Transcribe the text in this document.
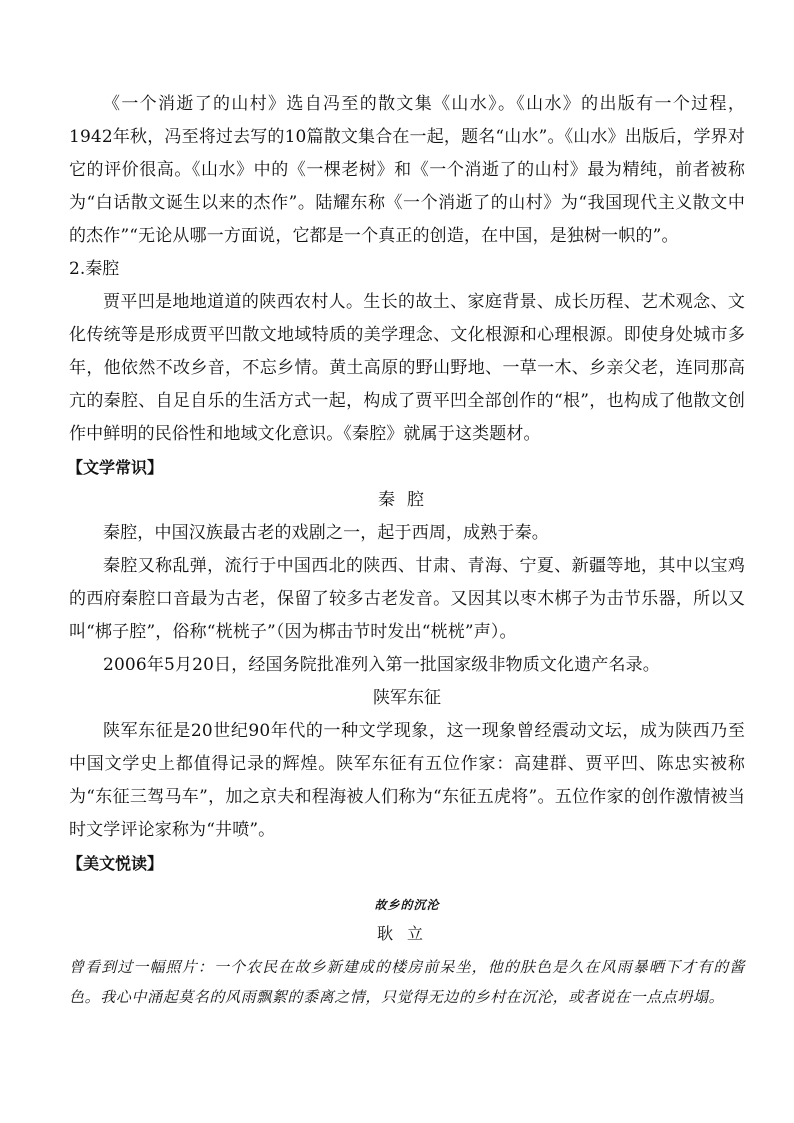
《一个消逝了的山村》选自冯至的散文集《山水》。《山水》的出版有一个过程，1942年秋，冯至将过去写的10篇散文集合在一起，题名“山水”。《山水》出版后，学界对它的评价很高。《山水》中的《一棵老树》和《一个消逝了的山村》最为精纯，前者被称为“白话散文诞生以来的杰作”。陆耀东称《一个消逝了的山村》为“我国现代主义散文中的杰作”“无论从哪一方面说，它都是一个真正的创造，在中国，是独树一帜的”。

2.秦腔

贾平凹是地地道道的陕西农村人。生长的故土、家庭背景、成长历程、艺术观念、文化传统等是形成贾平凹散文地域特质的美学理念、文化根源和心理根源。即使身处城市多年，他依然不改乡音，不忘乡情。黄土高原的野山野地、一草一木、乡亲父老，连同那高亢的秦腔、自足自乐的生活方式一起，构成了贾平凹全部创作的“根”，也构成了他散文创作中鲜明的民俗性和地域文化意识。《秦腔》就属于这类题材。

【文学常识】

秦腔

秦腔，中国汉族最古老的戏剧之一，起于西周，成熟于秦。

秦腔又称乱弹，流行于中国西北的陕西、甘肃、青海、宁夏、新疆等地，其中以宝鸡的西府秦腔口音最为古老，保留了较多古老发音。又因其以枣木梆子为击节乐器，所以又叫“梆子腔”，俗称“桄桄子”（因为梆击节时发出“桄桄”声）。

2006年5月20日，经国务院批准列入第一批国家级非物质文化遗产名录。

陕军东征

陕军东征是20世纪90年代的一种文学现象，这一现象曾经震动文坛，成为陕西乃至中国文学史上都值得记录的辉煌。陕军东征有五位作家：高建群、贾平凹、陈忠实被称为“东征三驾马车”，加之京夫和程海被人们称为“东征五虎将”。五位作家的创作激情被当时文学评论家称为“井喷”。

【美文悦读】

故乡的沉沦

耿立

曾看到过一幅照片：一个农民在故乡新建成的楼房前呆坐，他的肤色是久在风雨暴晒下才有的酱色。我心中涌起莫名的风雨飘絮的黍离之情，只觉得无边的乡村在沉沦，或者说在一点点坍塌。
